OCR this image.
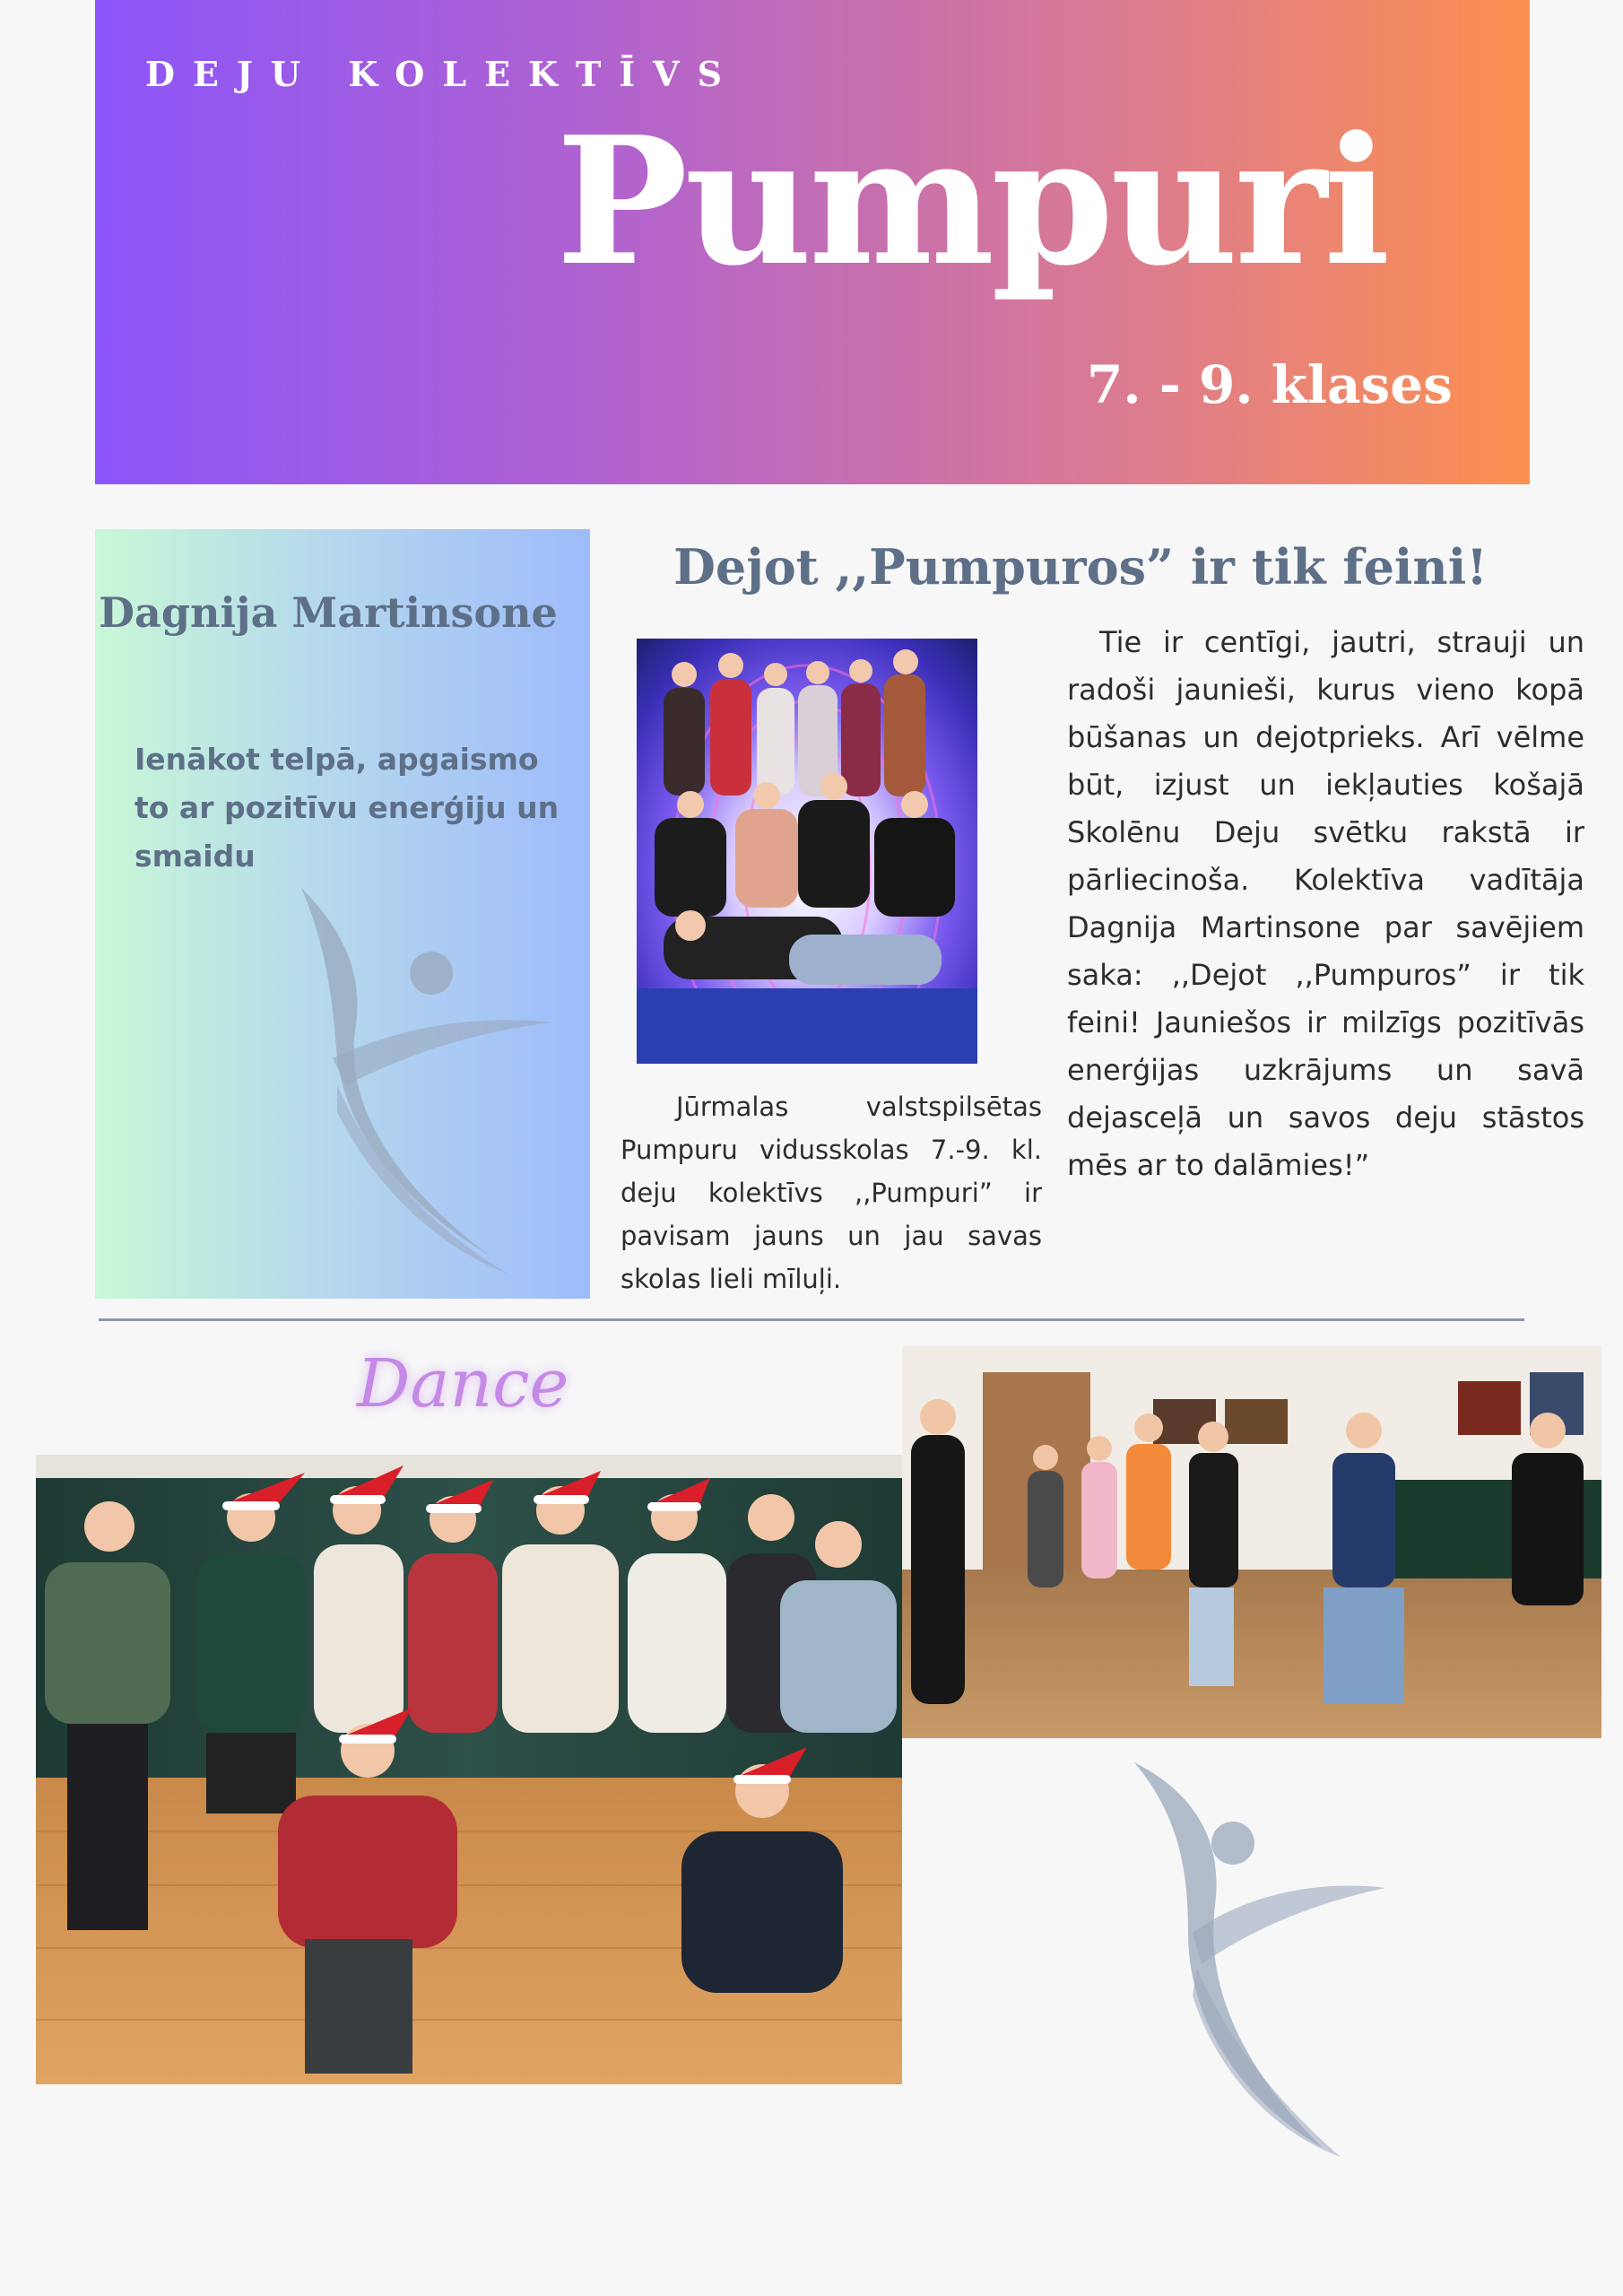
DEJU KOLEKTĪVS
Pumpuri
7. - 9. klases
Dagnija Martinsone
Ienākot telpā, apgaismo to ar pozitīvu enerģiju un smaidu
Dejot ,,Pumpuros” ir tik feini!
Jūrmalas valstspilsētas Pumpuru vidusskolas 7.-9. kl. deju kolektīvs ,,Pumpuri” ir pavisam jauns un jau savas skolas lieli mīluļi.
Tie ir centīgi, jautri, strauji un radoši jaunieši, kurus vieno kopā būšanas un dejotprieks. Arī vēlme būt, izjust un iekļauties košajā Skolēnu Deju svētku rakstā ir pārliecinoša. Kolektīva vadītāja Dagnija Martinsone par savējiem saka: ,,Dejot ,,Pumpuros” ir tik feini! Jauniešos ir milzīgs pozitīvās enerģijas uzkrājums un savā dejasceļā un savos deju stāstos mēs ar to dalāmies!”
Dance
